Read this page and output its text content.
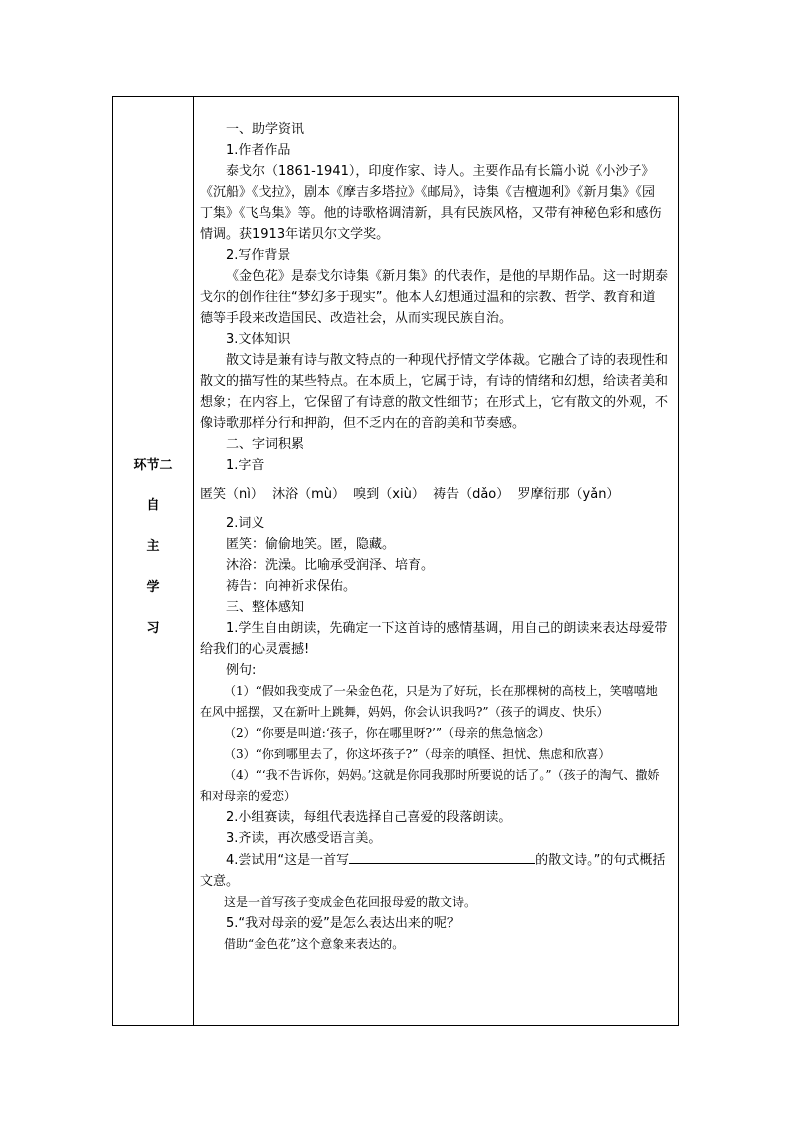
环节二
自
主
学
习

一、助学资讯

1.作者作品

泰戈尔（1861-1941），印度作家、诗人。主要作品有长篇小说《小沙子》《沉船》《戈拉》，剧本《摩吉多塔拉》《邮局》，诗集《吉檀迦利》《新月集》《园丁集》《飞鸟集》等。他的诗歌格调清新，具有民族风格，又带有神秘色彩和感伤情调。获1913年诺贝尔文学奖。

2.写作背景

《金色花》是泰戈尔诗集《新月集》的代表作，是他的早期作品。这一时期泰戈尔的创作往往“梦幻多于现实”。他本人幻想通过温和的宗教、哲学、教育和道德等手段来改造国民、改造社会，从而实现民族自治。

3.文体知识

散文诗是兼有诗与散文特点的一种现代抒情文学体裁。它融合了诗的表现性和散文的描写性的某些特点。在本质上，它属于诗，有诗的情绪和幻想，给读者美和想象；在内容上，它保留了有诗意的散文性细节；在形式上，它有散文的外观，不像诗歌那样分行和押韵，但不乏内在的音韵美和节奏感。

二、字词积累

1.字音

匿笑（nì）  沐浴（mù）  嗅到（xiù）  祷告（dǎo）  罗摩衍那（yǎn）

2.词义

匿笑：偷偷地笑。匿，隐藏。

沐浴：洗澡。比喻承受润泽、培育。

祷告：向神祈求保佑。

三、整体感知

1.学生自由朗读，先确定一下这首诗的感情基调，用自己的朗读来表达母爱带给我们的心灵震撼!

例句:

（1）“假如我变成了一朵金色花，只是为了好玩，长在那棵树的高枝上，笑嘻嘻地在风中摇摆，又在新叶上跳舞，妈妈，你会认识我吗?”（孩子的调皮、快乐）

（2）“你要是叫道:‘孩子，你在哪里呀?’”（母亲的焦急恼念）

（3）“你到哪里去了，你这坏孩子?”（母亲的嗔怪、担忧、焦虑和欣喜）

（4）“‘我不告诉你，妈妈。’这就是你同我那时所要说的话了。”（孩子的淘气、撒娇和对母亲的爱恋）

2.小组赛读，每组代表选择自己喜爱的段落朗读。

3.齐读，再次感受语言美。

4.尝试用“这是一首写	的散文诗。”的句式概括文意。

这是一首写孩子变成金色花回报母爱的散文诗。

5.“我对母亲的爱”是怎么表达出来的呢？

借助“金色花”这个意象来表达的。
